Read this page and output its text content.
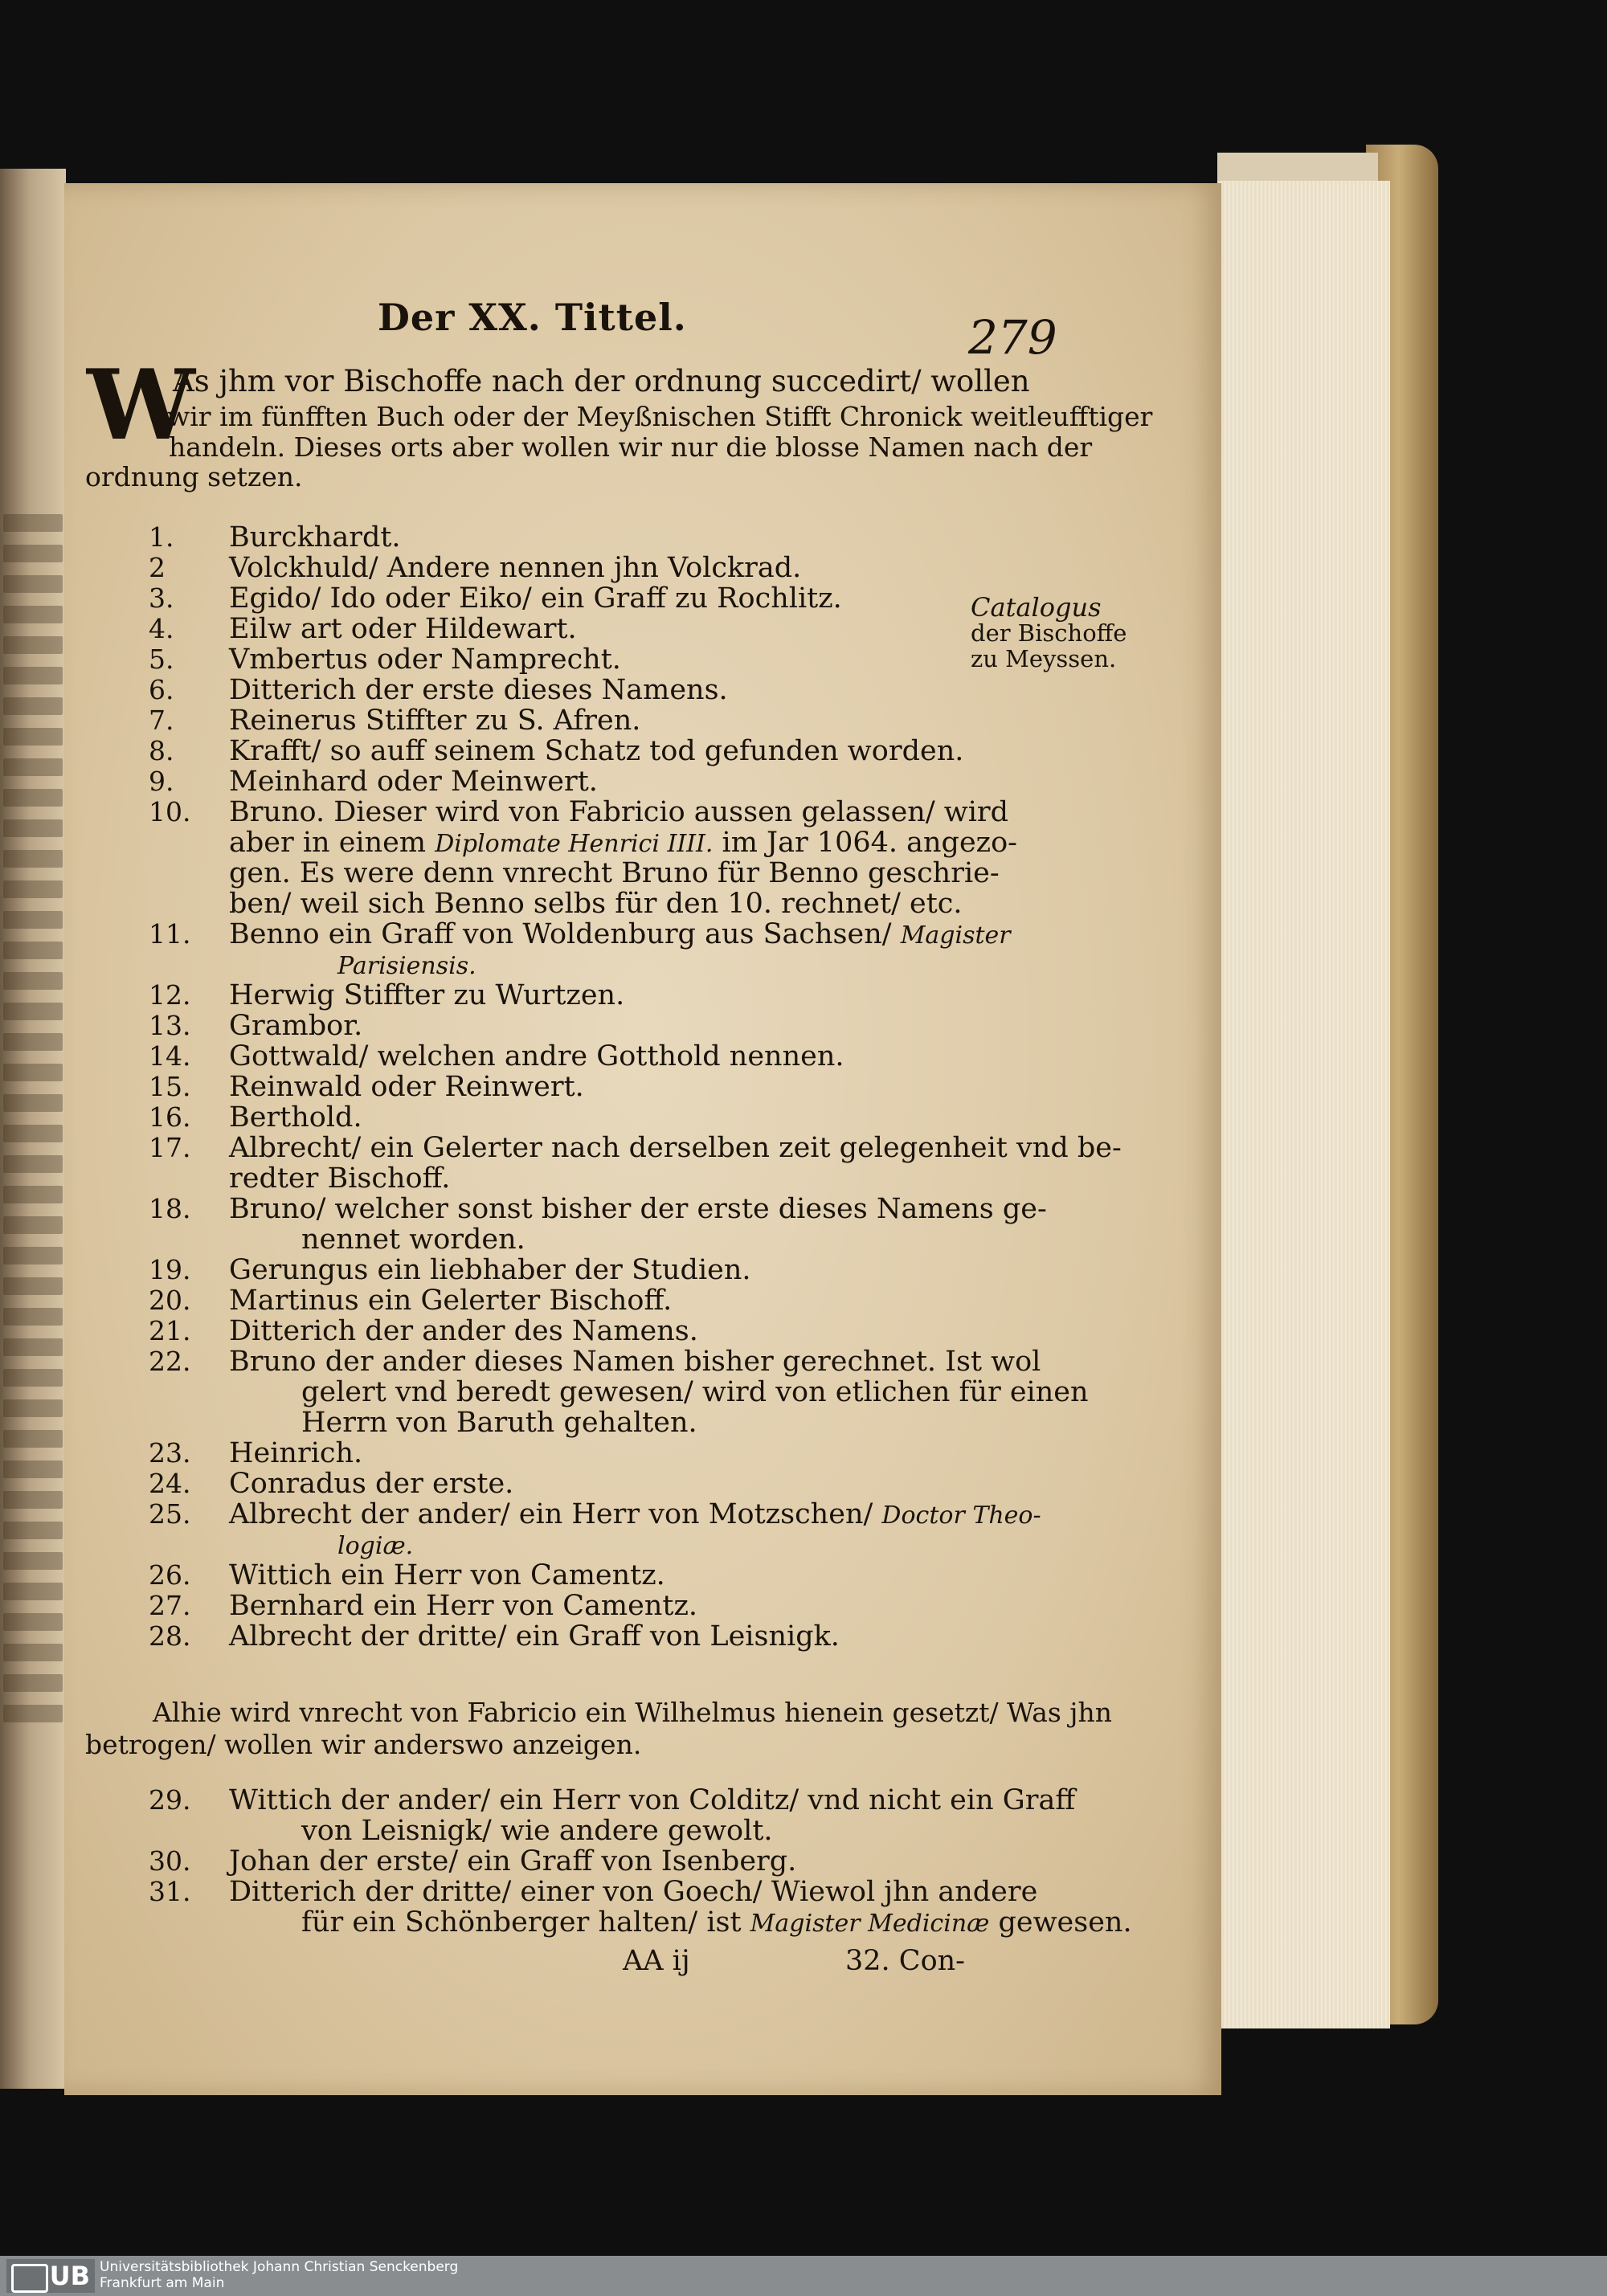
Der XX. Tittel.	279
W
As jhm vor Bischoffe nach der ordnung succedirt/ wollen
wir im fünfften Buch oder der Meyßnischen Stifft Chronick weitleufftiger
handeln. Dieses orts aber wollen wir nur die blosse Namen nach der
ordnung setzen.
Catalogus
der Bischoffe
zu Meyssen.
1. Burckhardt.
2 Volckhuld/ Andere nennen jhn Volckrad.
3. Egido/ Ido oder Eiko/ ein Graff zu Rochlitz.
4. Eilw art oder Hildewart.
5. Vmbertus oder Namprecht.
6. Ditterich der erste dieses Namens.
7. Reinerus Stiffter zu S. Afren.
8. Krafft/ so auff seinem Schatz tod gefunden worden.
9. Meinhard oder Meinwert.
10. Bruno. Dieser wird von Fabricio aussen gelassen/ wird
aber in einem Diplomate Henrici IIII. im Jar 1064. angezo-
gen. Es were denn vnrecht Bruno für Benno geschrie-
ben/ weil sich Benno selbs für den 10. rechnet/ etc.
11. Benno ein Graff von Woldenburg aus Sachsen/ Magister
Parisiensis.
12. Herwig Stiffter zu Wurtzen.
13. Grambor.
14. Gottwald/ welchen andre Gotthold nennen.
15. Reinwald oder Reinwert.
16. Berthold.
17. Albrecht/ ein Gelerter nach derselben zeit gelegenheit vnd be-
redter Bischoff.
18. Bruno/ welcher sonst bisher der erste dieses Namens ge-
nennet worden.
19. Gerungus ein liebhaber der Studien.
20. Martinus ein Gelerter Bischoff.
21. Ditterich der ander des Namens.
22. Bruno der ander dieses Namen bisher gerechnet. Ist wol
gelert vnd beredt gewesen/ wird von etlichen für einen
Herrn von Baruth gehalten.
23. Heinrich.
24. Conradus der erste.
25. Albrecht der ander/ ein Herr von Motzschen/ Doctor Theo-
logiæ.
26. Wittich ein Herr von Camentz.
27. Bernhard ein Herr von Camentz.
28. Albrecht der dritte/ ein Graff von Leisnigk.
Alhie wird vnrecht von Fabricio ein Wilhelmus hienein gesetzt/ Was jhn
betrogen/ wollen wir anderswo anzeigen.
29. Wittich der ander/ ein Herr von Colditz/ vnd nicht ein Graff
von Leisnigk/ wie andere gewolt.
30. Johan der erste/ ein Graff von Isenberg.
31. Ditterich der dritte/ einer von Goech/ Wiewol jhn andere
für ein Schönberger halten/ ist Magister Medicinæ gewesen.
AA ij	32. Con-
UB Universitätsbibliothek Johann Christian Senckenberg
Frankfurt am Main
